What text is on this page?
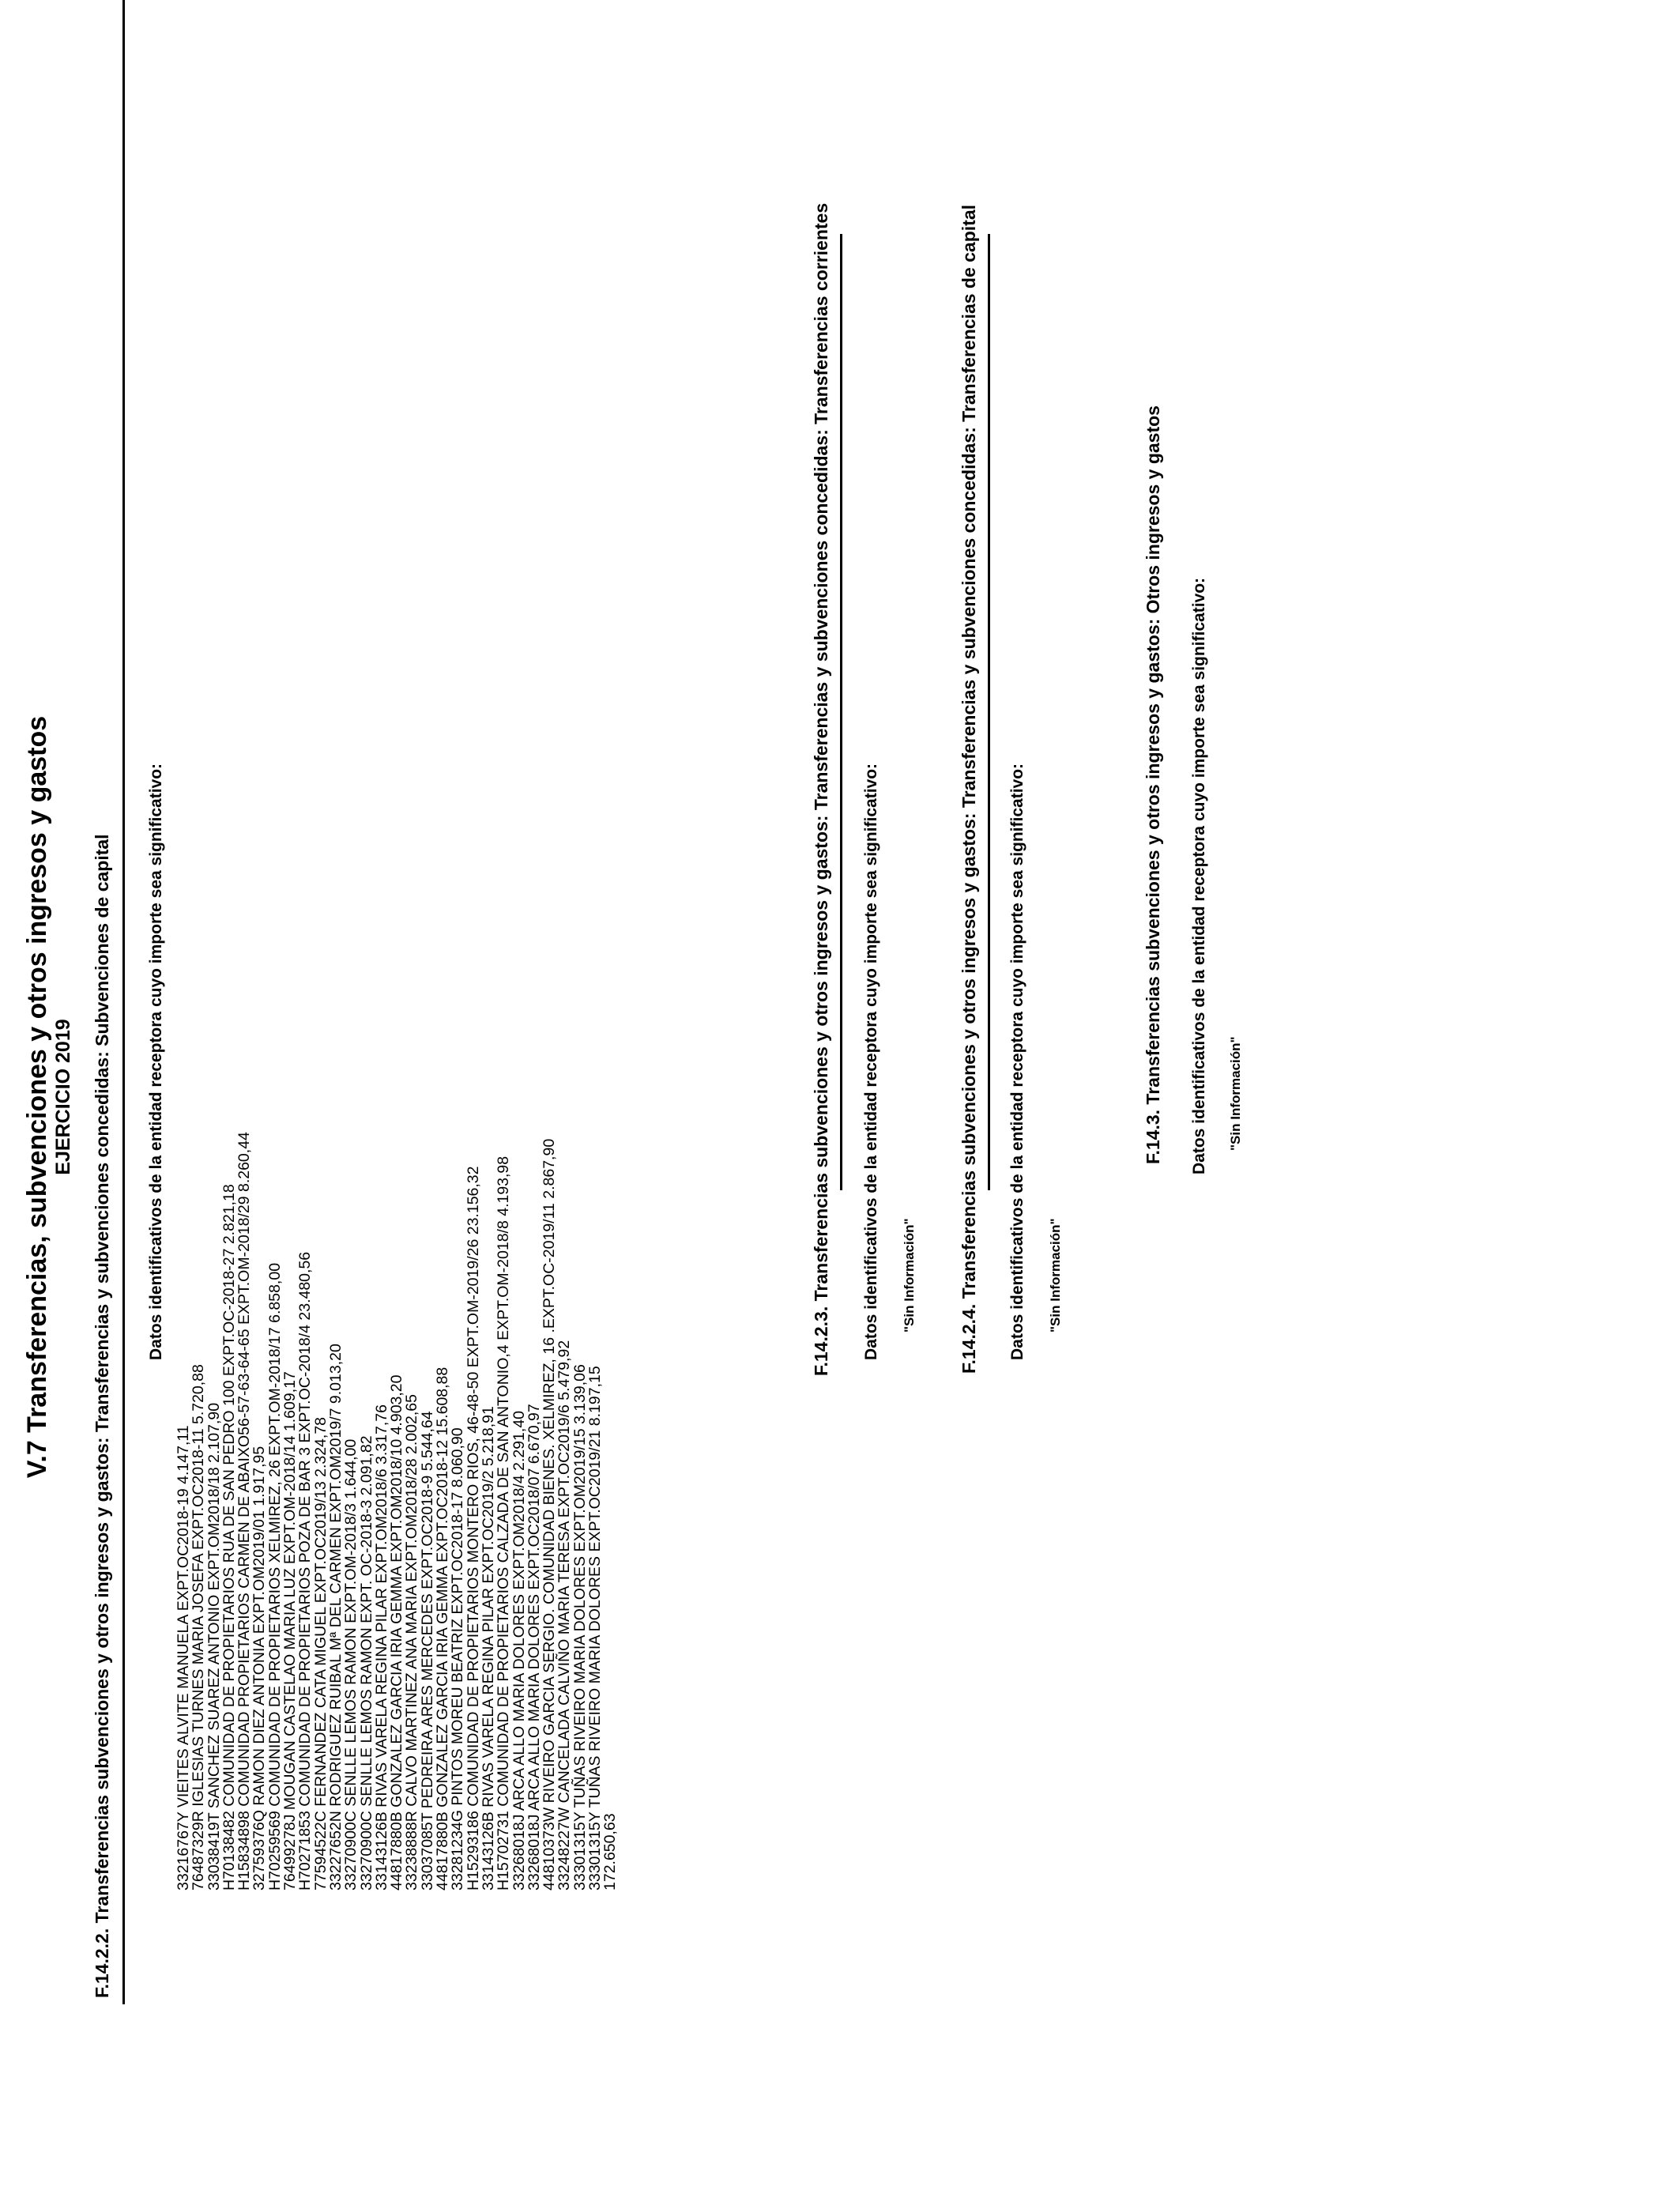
V.7 Transferencias, subvenciones y otros ingresos y gastos EJERCICIO 2019 F.14.2.2. Transferencias subvenciones y otros ingresos y gastos: Transferencias y subvenciones concedidas: Subvenciones de capital Datos identificativos de la entidad receptora cuyo importe sea significativo:
33216767Y VIEITES ALVITE MANUELA EXPT.OC2018-19 4.147,11
76487329R IGLESIAS TURNES MARIA JOSEFA EXPT.OC2018-11 5.720,88
33038419T SANCHEZ SUAREZ ANTONIO EXPT.OM2018/18 2.107,90
H70138482 COMUNIDAD DE PROPIETARIOS RUA DE SAN PEDRO 100 EXPT.OC-2018-27 2.821,18
H15834898 COMUNIDAD PROPIETARIOS CARMEN DE ABAIXO56-57-63-64-65 EXPT.OM-2018/29 8.260,44
32759376Q RAMON DIEZ ANTONIA EXPT.OM2019/01 1.917,95
H70259569 COMUNIDAD DE PROPIETARIOS XELMIREZ, 26 EXPT.OM-2018/17 6.858,00
76499278J MOUGAN CASTELAO MARIA LUZ EXPT.OM-2018/14 1.609,17
H70271853 COMUNIDAD DE PROPIETARIOS POZA DE BAR 3 EXPT.OC-2018/4 23.480,56
77594522C FERNANDEZ CATA MIGUEL EXPT.OC2019/13 2.324,78
33227652N RODRIGUEZ RUIBAL Mª DEL CARMEN EXPT.OM2019/7 9.013,20
33270900C SENLLE LEMOS RAMON EXPT.OM-2018/3 1.644,00
33270900C SENLLE LEMOS RAMON EXPT. OC-2018-3 2.091,82
33143126B RIVAS VARELA REGINA PILAR EXPT.OM2018/6 3.317,76
44817880B GONZALEZ GARCIA IRIA GEMMA EXPT.OM2018/10 4.903,20
33238888R CALVO MARTINEZ ANA MARIA EXPT.OM2018/28 2.002,65
33037085T PEDREIRA ARES MERCEDES EXPT.OC2018-9 5.544,64
44817880B GONZALEZ GARCIA IRIA GEMMA EXPT.OC2018-12 15.608,88
33281234G PINTOS MOREU BEATRIZ EXPT.OC2018-17 8.060,90
H15293186 COMUNIDAD DE PROPIETARIOS MONTERO RIOS, 46-48-50 EXPT.OM-2019/26 23.156,32
33143126B RIVAS VARELA REGINA PILAR EXPT.OC2019/2 5.218,91
H15702731 COMUNIDAD DE PROPIETARIOS CALZADA DE SAN ANTONIO,4 EXPT.OM-2018/8 4.193,98
33268018J ARCA ALLO MARIA DOLORES EXPT.OM2018/4 2.291,40
33268018J ARCA ALLO MARIA DOLORES EXPT.OC2018/07 6.670,97
44810373W RIVEIRO GARCIA SERGIO. COMUNIDAD BIENES. XELMIREZ, 16 .EXPT.OC-2019/11 2.867,90
33248227W CANCELADA CALVIÑO MARIA TERESA EXPT.OC2019/6 5.479,92
33301315Y TUÑAS RIVEIRO MARIA DOLORES EXPT.OM2019/15 3.139,06
33301315Y TUÑAS RIVEIRO MARIA DOLORES EXPT.OC2019/21 8.197,15
172.650,63
F.14.2.3. Transferencias subvenciones y otros ingresos y gastos: Transferencias y subvenciones concedidas: Transferencias corrientes Datos identificativos de la entidad receptora cuyo importe sea significativo: "Sin Información" F.14.2.4. Transferencias subvenciones y otros ingresos y gastos: Transferencias y subvenciones concedidas: Transferencias de capital Datos identificativos de la entidad receptora cuyo importe sea significativo: "Sin Información"
F.14.3. Transferencias subvenciones y otros ingresos y gastos: Otros ingresos y gastos Datos identificativos de la entidad receptora cuyo importe sea significativo: "Sin Información"
